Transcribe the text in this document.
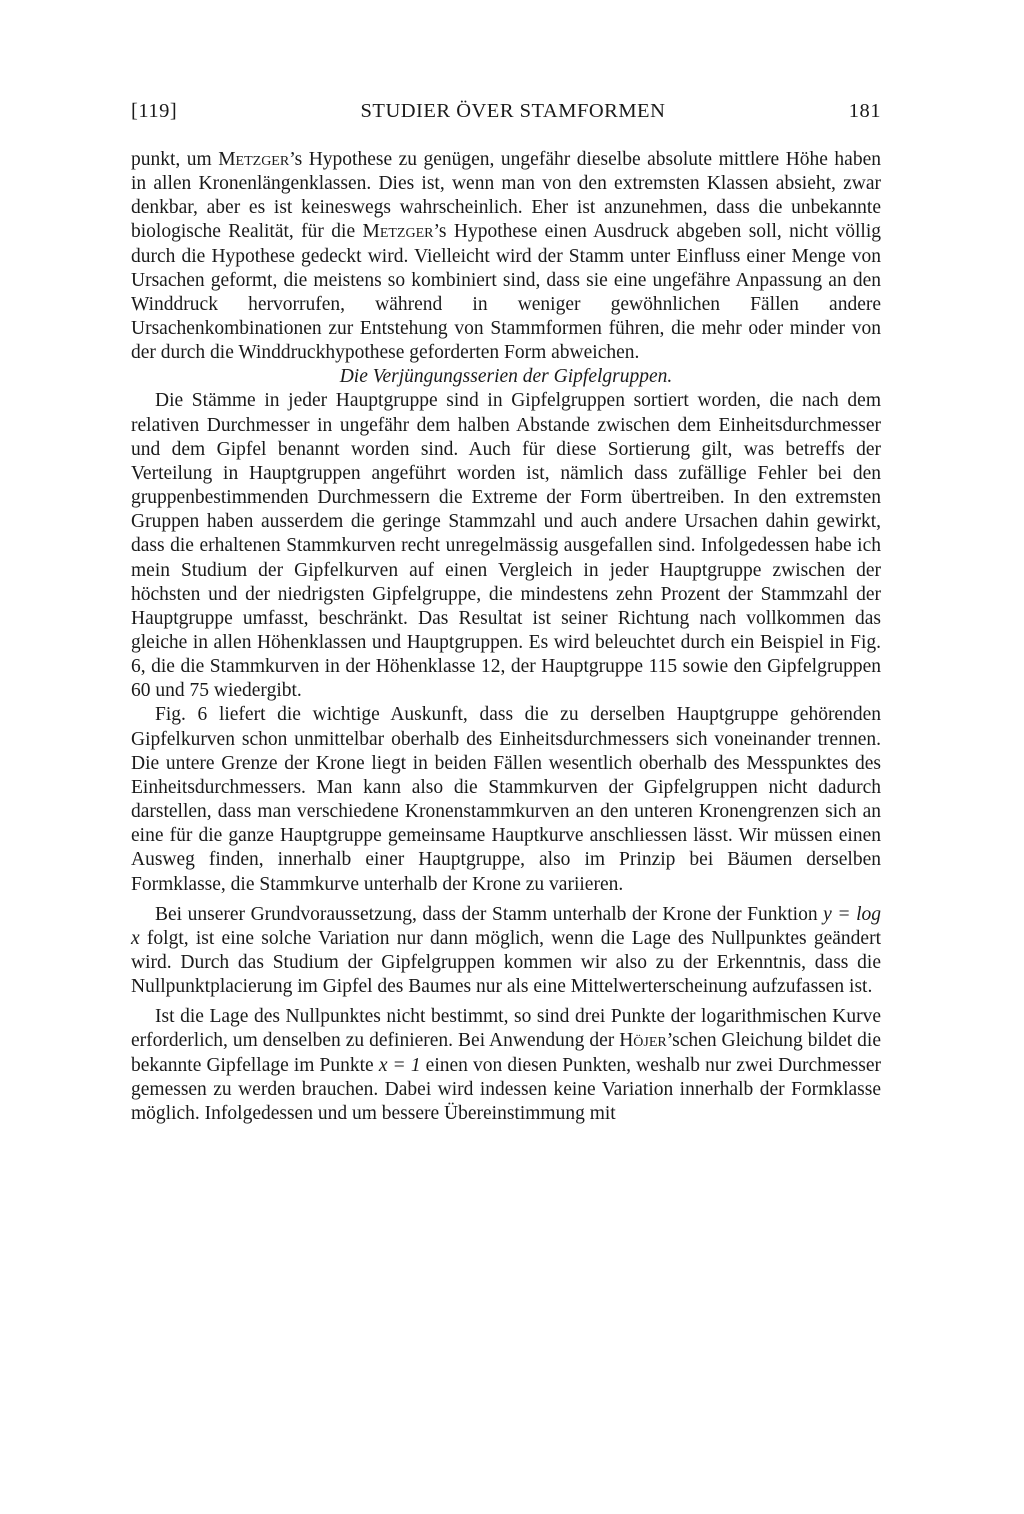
[119]	STUDIER ÖVER STAMFORMEN	181

punkt, um Metzger’s Hypothese zu genügen, ungefähr dieselbe absolute mittlere Höhe haben in allen Kronenlängenklassen. Dies ist, wenn man von den extremsten Klassen absieht, zwar denkbar, aber es ist keineswegs wahrscheinlich. Eher ist anzunehmen, dass die unbekannte biologische Realität, für die Metzger’s Hypothese einen Ausdruck abgeben soll, nicht völlig durch die Hypothese gedeckt wird. Vielleicht wird der Stamm unter Einfluss einer Menge von Ursachen geformt, die meistens so kombiniert sind, dass sie eine ungefähre Anpassung an den Winddruck hervorrufen, während in weniger gewöhnlichen Fällen andere Ursachenkombinationen zur Entstehung von Stammformen führen, die mehr oder minder von der durch die Winddruckhypothese geforderten Form abweichen.

Die Verjüngungsserien der Gipfelgruppen.

Die Stämme in jeder Hauptgruppe sind in Gipfelgruppen sortiert worden, die nach dem relativen Durchmesser in ungefähr dem halben Abstande zwischen dem Einheitsdurchmesser und dem Gipfel benannt worden sind. Auch für diese Sortierung gilt, was betreffs der Verteilung in Hauptgruppen angeführt worden ist, nämlich dass zufällige Fehler bei den gruppenbestimmenden Durchmessern die Extreme der Form übertreiben. In den extremsten Gruppen haben ausserdem die geringe Stammzahl und auch andere Ursachen dahin gewirkt, dass die erhaltenen Stammkurven recht unregelmässig ausgefallen sind. Infolgedessen habe ich mein Studium der Gipfelkurven auf einen Vergleich in jeder Hauptgruppe zwischen der höchsten und der niedrigsten Gipfelgruppe, die mindestens zehn Prozent der Stammzahl der Hauptgruppe umfasst, beschränkt. Das Resultat ist seiner Richtung nach vollkommen das gleiche in allen Höhenklassen und Hauptgruppen. Es wird beleuchtet durch ein Beispiel in Fig. 6, die die Stammkurven in der Höhenklasse 12, der Hauptgruppe 115 sowie den Gipfelgruppen 60 und 75 wiedergibt.

Fig. 6 liefert die wichtige Auskunft, dass die zu derselben Hauptgruppe gehörenden Gipfelkurven schon unmittelbar oberhalb des Einheitsdurchmessers sich voneinander trennen. Die untere Grenze der Krone liegt in beiden Fällen wesentlich oberhalb des Messpunktes des Einheitsdurchmessers. Man kann also die Stammkurven der Gipfelgruppen nicht dadurch darstellen, dass man verschiedene Kronenstammkurven an den unteren Kronengrenzen sich an eine für die ganze Hauptgruppe gemeinsame Hauptkurve anschliessen lässt. Wir müssen einen Ausweg finden, innerhalb einer Hauptgruppe, also im Prinzip bei Bäumen derselben Formklasse, die Stammkurve unterhalb der Krone zu variieren.

Bei unserer Grundvoraussetzung, dass der Stamm unterhalb der Krone der Funktion y = log x folgt, ist eine solche Variation nur dann möglich, wenn die Lage des Nullpunktes geändert wird. Durch das Studium der Gipfelgruppen kommen wir also zu der Erkenntnis, dass die Nullpunktplacierung im Gipfel des Baumes nur als eine Mittelwerterscheinung aufzufassen ist.

Ist die Lage des Nullpunktes nicht bestimmt, so sind drei Punkte der logarithmischen Kurve erforderlich, um denselben zu definieren. Bei Anwendung der Höjer’schen Gleichung bildet die bekannte Gipfellage im Punkte x = 1 einen von diesen Punkten, weshalb nur zwei Durchmesser gemessen zu werden brauchen. Dabei wird indessen keine Variation innerhalb der Formklasse möglich. Infolgedessen und um bessere Übereinstimmung mit
